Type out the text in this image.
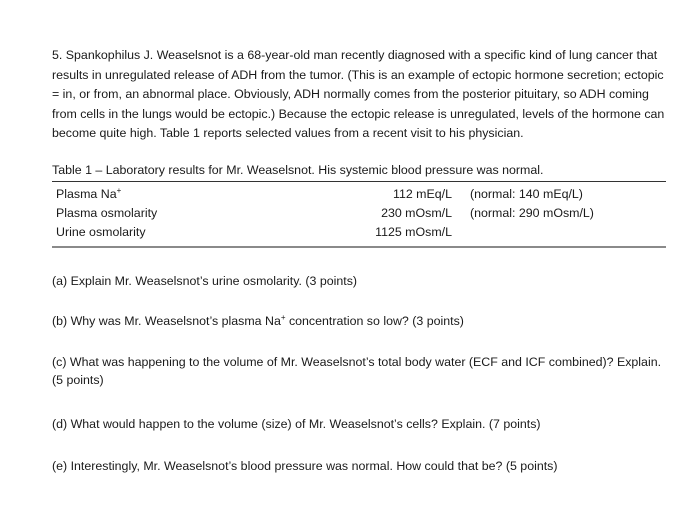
5. Spankophilus J. Weaselsnot is a 68-year-old man recently diagnosed with a specific kind of lung cancer that results in unregulated release of ADH from the tumor. (This is an example of ectopic hormone secretion; ectopic = in, or from, an abnormal place. Obviously, ADH normally comes from the posterior pituitary, so ADH coming from cells in the lungs would be ectopic.) Because the ectopic release is unregulated, levels of the hormone can become quite high. Table 1 reports selected values from a recent visit to his physician.

Table 1 – Laboratory results for Mr. Weaselsnot. His systemic blood pressure was normal.
Plasma Na+	112 mEq/L	(normal: 140 mEq/L)
Plasma osmolarity	230 mOsm/L	(normal: 290 mOsm/L)
Urine osmolarity	1125 mOsm/L

(a) Explain Mr. Weaselsnot’s urine osmolarity. (3 points)

(b) Why was Mr. Weaselsnot’s plasma Na+ concentration so low? (3 points)

(c) What was happening to the volume of Mr. Weaselsnot’s total body water (ECF and ICF combined)? Explain. (5 points)

(d) What would happen to the volume (size) of Mr. Weaselsnot’s cells? Explain. (7 points)

(e) Interestingly, Mr. Weaselsnot’s blood pressure was normal. How could that be? (5 points)
